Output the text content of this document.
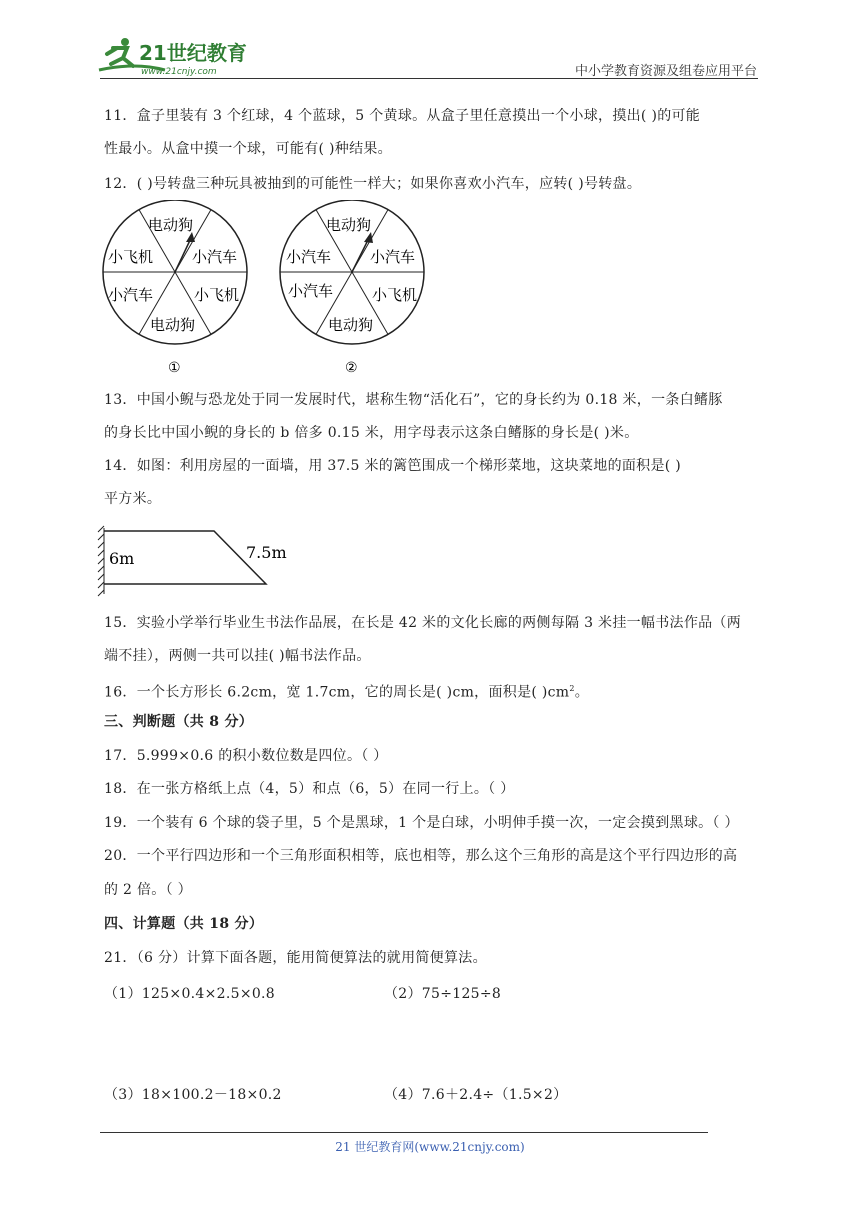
21世纪教育
www.21cnjy.com	中小学教育资源及组卷应用平台
11．盒子里装有 3 个红球，4 个蓝球，5 个黄球。从盒子里任意摸出一个小球，摸出( )的可能
性最小。从盒中摸一个球，可能有( )种结果。
12．( )号转盘三种玩具被抽到的可能性一样大；如果你喜欢小汽车，应转( )号转盘。
电动狗
小汽车
小飞机
电动狗
小汽车
小飞机
①
电动狗
小汽车
小飞机
电动狗
小汽车
小汽车
②
13．中国小鲵与恐龙处于同一发展时代，堪称生物“活化石”，它的身长约为 0.18 米，一条白鳍豚
的身长比中国小鲵的身长的 b 倍多 0.15 米，用字母表示这条白鳍豚的身长是( )米。
14．如图：利用房屋的一面墙，用 37.5 米的篱笆围成一个梯形菜地，这块菜地的面积是( )
平方米。
6m	7.5m
15．实验小学举行毕业生书法作品展，在长是 42 米的文化长廊的两侧每隔 3 米挂一幅书法作品（两
端不挂），两侧一共可以挂( )幅书法作品。
16．一个长方形长 6.2cm，宽 1.7cm，它的周长是( )cm，面积是( )$cm^2$。
三、判断题（共 8 分）
17．5.999×0.6 的积小数位数是四位。（ ）
18．在一张方格纸上点（4，5）和点（6，5）在同一行上。（ ）
19．一个装有 6 个球的袋子里，5 个是黑球，1 个是白球，小明伸手摸一次，一定会摸到黑球。（ ）
20．一个平行四边形和一个三角形面积相等，底也相等，那么这个三角形的高是这个平行四边形的高
的 2 倍。（ ）
四、计算题（共 18 分）
21．（6 分）计算下面各题，能用简便算法的就用简便算法。
（1）125×0.4×2.5×0.8	（2）75÷125÷8
（3）18×100.2－18×0.2	（4）7.6＋2.4÷（1.5×2）
21 世纪教育网(www.21cnjy.com)
